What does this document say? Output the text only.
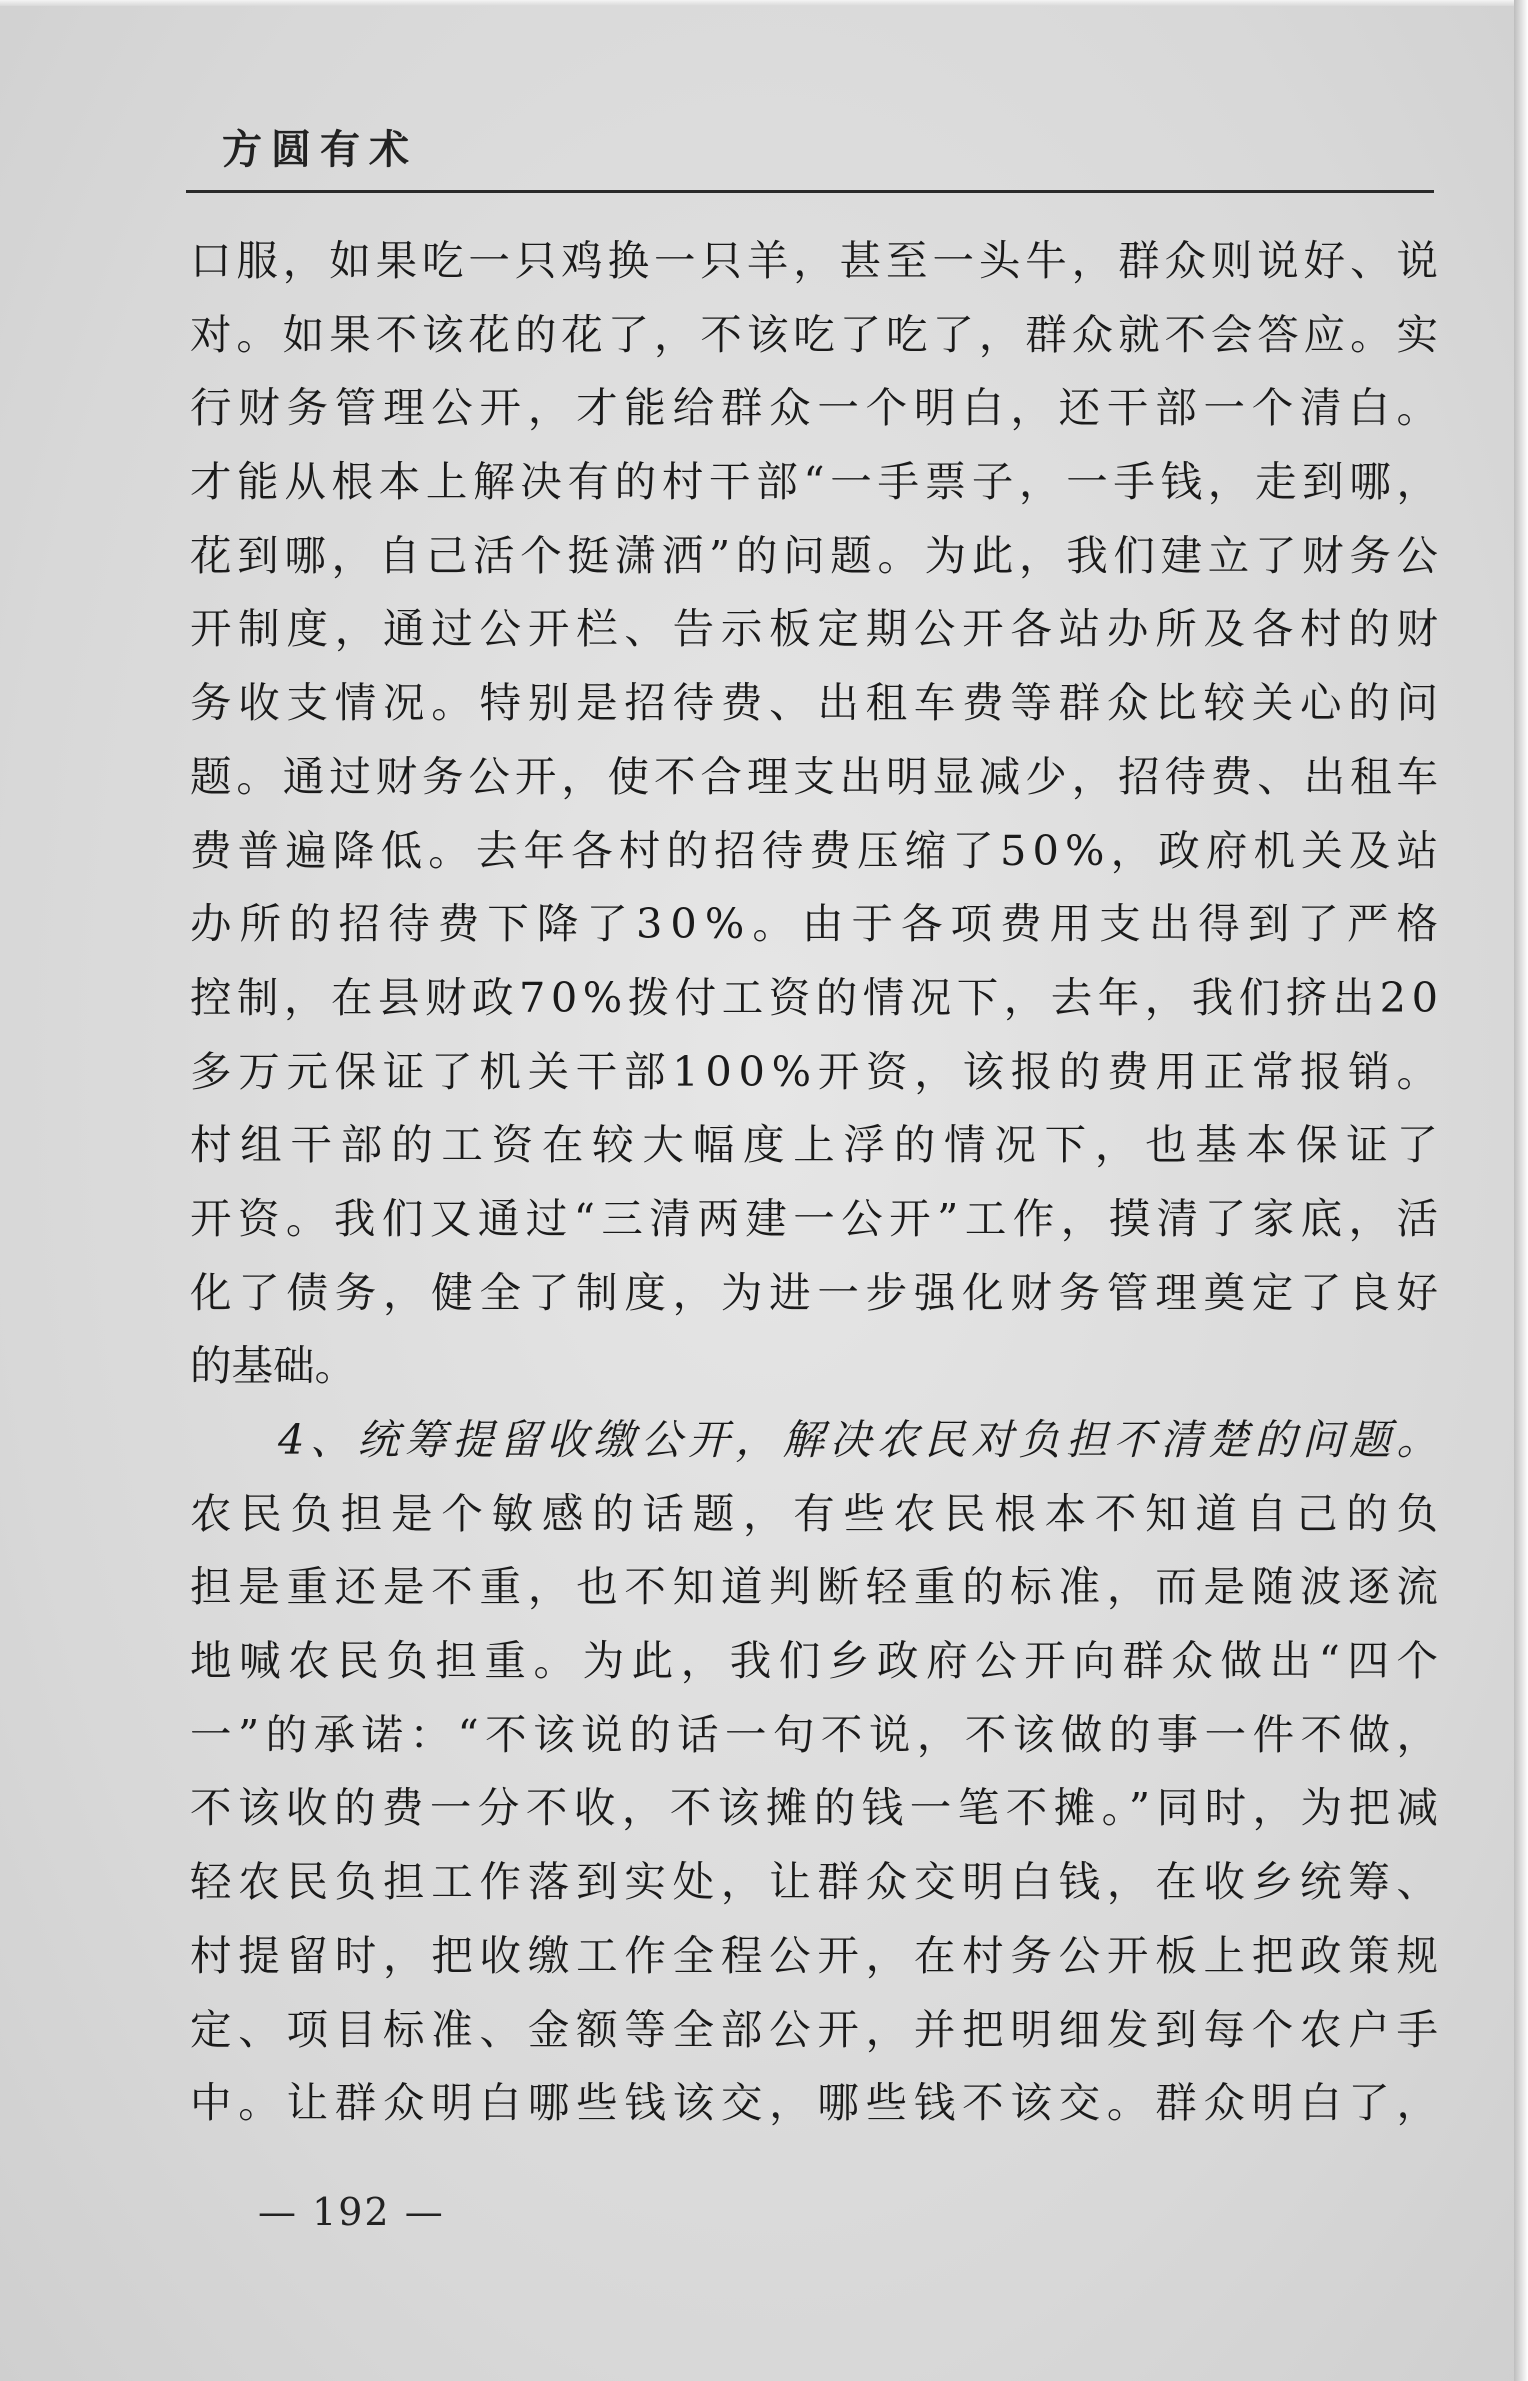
方圆有术
口服，如果吃一只鸡换一只羊，甚至一头牛，群众则说好、说
对。如果不该花的花了，不该吃了吃了，群众就不会答应。实
行财务管理公开，才能给群众一个明白，还干部一个清白。
才能从根本上解决有的村干部“一手票子，一手钱，走到哪，
花到哪，自己活个挺潇洒”的问题。为此，我们建立了财务公
开制度，通过公开栏、告示板定期公开各站办所及各村的财
务收支情况。特别是招待费、出租车费等群众比较关心的问
题。通过财务公开，使不合理支出明显减少，招待费、出租车
费普遍降低。去年各村的招待费压缩了50%，政府机关及站
办所的招待费下降了30%。由于各项费用支出得到了严格
控制，在县财政70%拨付工资的情况下，去年，我们挤出20
多万元保证了机关干部100%开资，该报的费用正常报销。
村组干部的工资在较大幅度上浮的情况下，也基本保证了
开资。我们又通过“三清两建一公开”工作，摸清了家底，活
化了债务，健全了制度，为进一步强化财务管理奠定了良好
的基础。
4、统筹提留收缴公开，解决农民对负担不清楚的问题。
农民负担是个敏感的话题，有些农民根本不知道自己的负
担是重还是不重，也不知道判断轻重的标准，而是随波逐流
地喊农民负担重。为此，我们乡政府公开向群众做出“四个
一”的承诺：“不该说的话一句不说，不该做的事一件不做，
不该收的费一分不收，不该摊的钱一笔不摊。”同时，为把减
轻农民负担工作落到实处，让群众交明白钱，在收乡统筹、
村提留时，把收缴工作全程公开，在村务公开板上把政策规
定、项目标准、金额等全部公开，并把明细发到每个农户手
中。让群众明白哪些钱该交，哪些钱不该交。群众明白了，
— 192 —
